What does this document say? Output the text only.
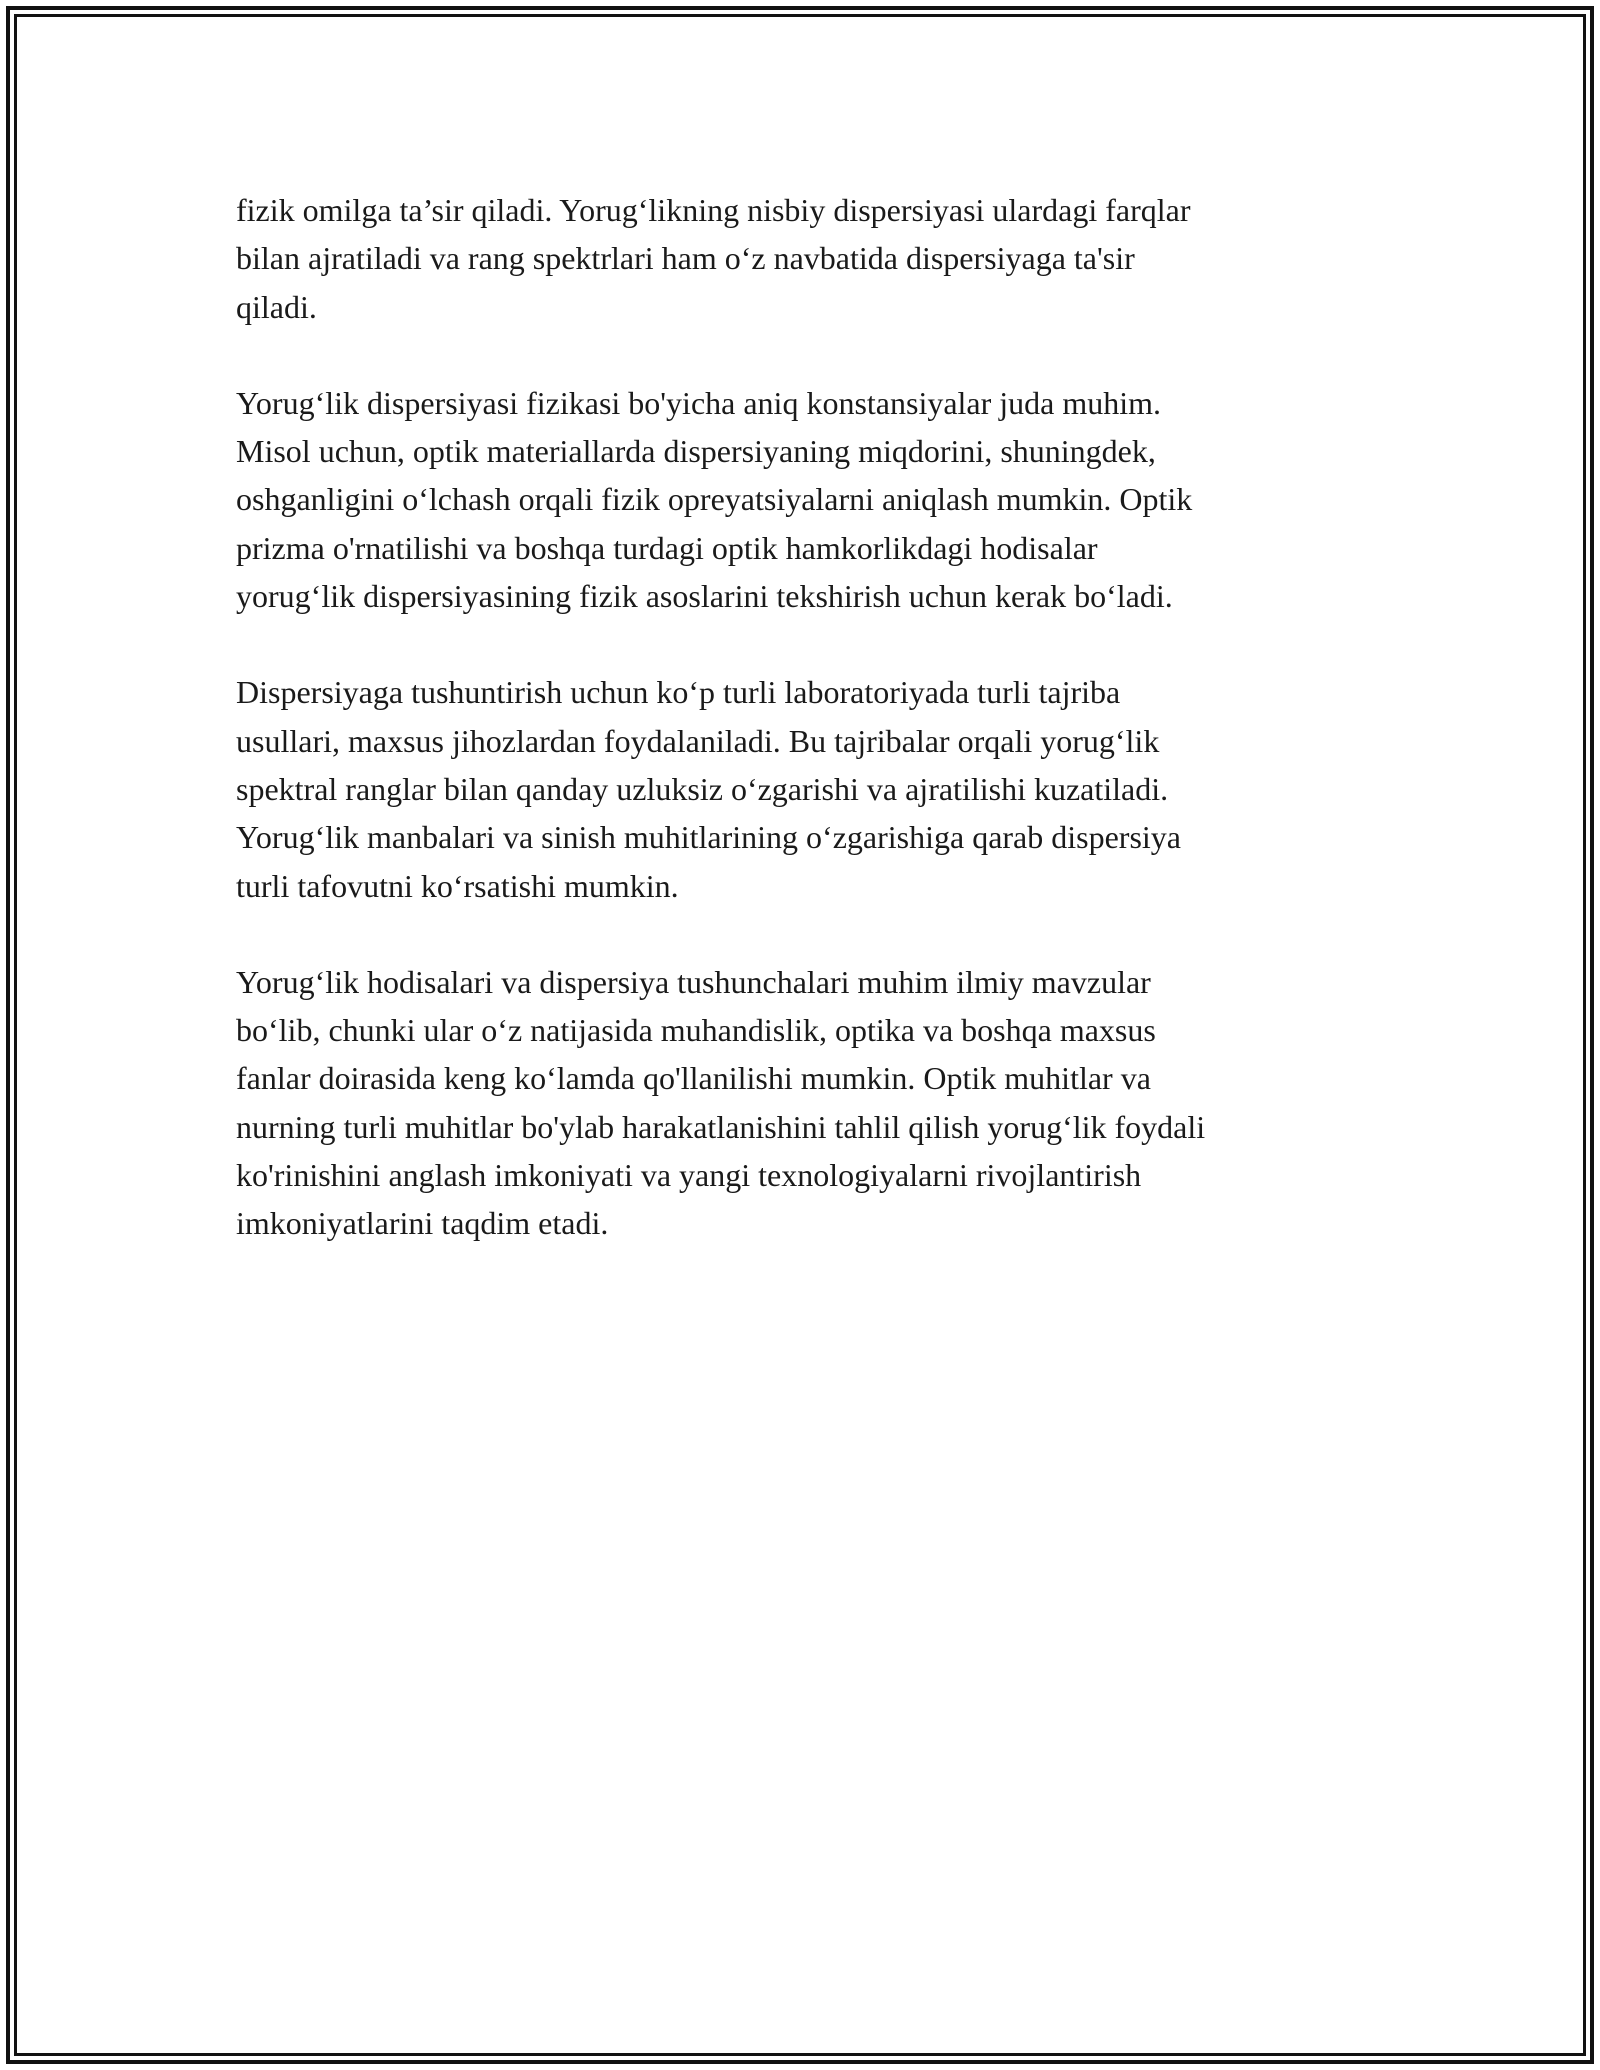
fizik omilga ta’sir qiladi. Yorug‘likning nisbiy dispersiyasi ulardagi farqlar
bilan ajratiladi va rang spektrlari ham o‘z navbatida dispersiyaga ta'sir
qiladi.

Yorug‘lik dispersiyasi fizikasi bo'yicha aniq konstansiyalar juda muhim.
Misol uchun, optik materiallarda dispersiyaning miqdorini, shuningdek,
oshganligini o‘lchash orqali fizik opreyatsiyalarni aniqlash mumkin. Optik
prizma o'rnatilishi va boshqa turdagi optik hamkorlikdagi hodisalar
yorug‘lik dispersiyasining fizik asoslarini tekshirish uchun kerak bo‘ladi.

Dispersiyaga tushuntirish uchun ko‘p turli laboratoriyada turli tajriba
usullari, maxsus jihozlardan foydalaniladi. Bu tajribalar orqali yorug‘lik
spektral ranglar bilan qanday uzluksiz o‘zgarishi va ajratilishi kuzatiladi.
Yorug‘lik manbalari va sinish muhitlarining o‘zgarishiga qarab dispersiya
turli tafovutni ko‘rsatishi mumkin.

Yorug‘lik hodisalari va dispersiya tushunchalari muhim ilmiy mavzular
bo‘lib, chunki ular o‘z natijasida muhandislik, optika va boshqa maxsus
fanlar doirasida keng ko‘lamda qo'llanilishi mumkin. Optik muhitlar va
nurning turli muhitlar bo'ylab harakatlanishini tahlil qilish yorug‘lik foydali
ko'rinishini anglash imkoniyati va yangi texnologiyalarni rivojlantirish
imkoniyatlarini taqdim etadi.
